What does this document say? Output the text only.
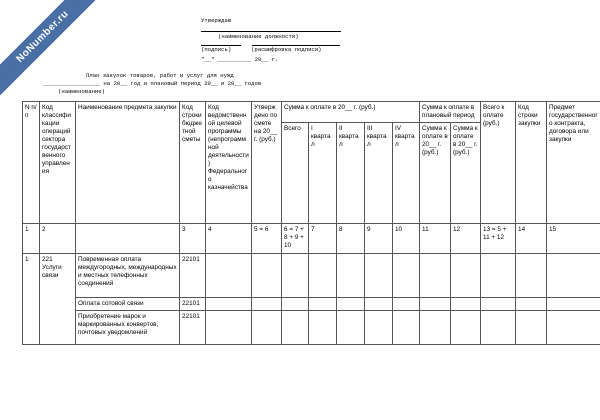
NoNumber.ru	Утверждаю
(наименование должности)
(подпись)	(расшифровка подписи)
"__" __________ 20__ г.
План закупок товаров, работ и услуг для нужд
_________________ на 20__ год и плановый период 20__ и 20__ годов
(наименование)
N п/п	Код классификации операций сектора государственного управления	Наименование предмета закупки	Код строки бюджетной сметы	Код ведомственной целевой программы (непрограммной деятельности) Федерального казначейства	Утверждено по смете на 20__ г. (руб.)	Сумма к оплате в 20__ г. (руб.)					Сумма к оплате в плановый период		Всего к оплате (руб.)	Код строки закупки	Предмет государственного контракта, договора или закупки
						Всего	I квартал	II квартал	III квартал	IV квартал	Сумма к оплате в 20__ г. (руб.)	Сумма к оплате в 20__ г. (руб.)			

1	2		3	4	5 = 6	6 = 7 + 8 + 9 + 10	7	8	9	10	11	12	13 = 5 + 11 + 12	14	15
1	221 Услуги связи	Повременная оплата междугородных, международных и местных телефонных соединений	22101												
		Оплата сотовой связи	22101												
		Приобретение марок и маркированных конвертов, почтовых уведомлений	22101												
